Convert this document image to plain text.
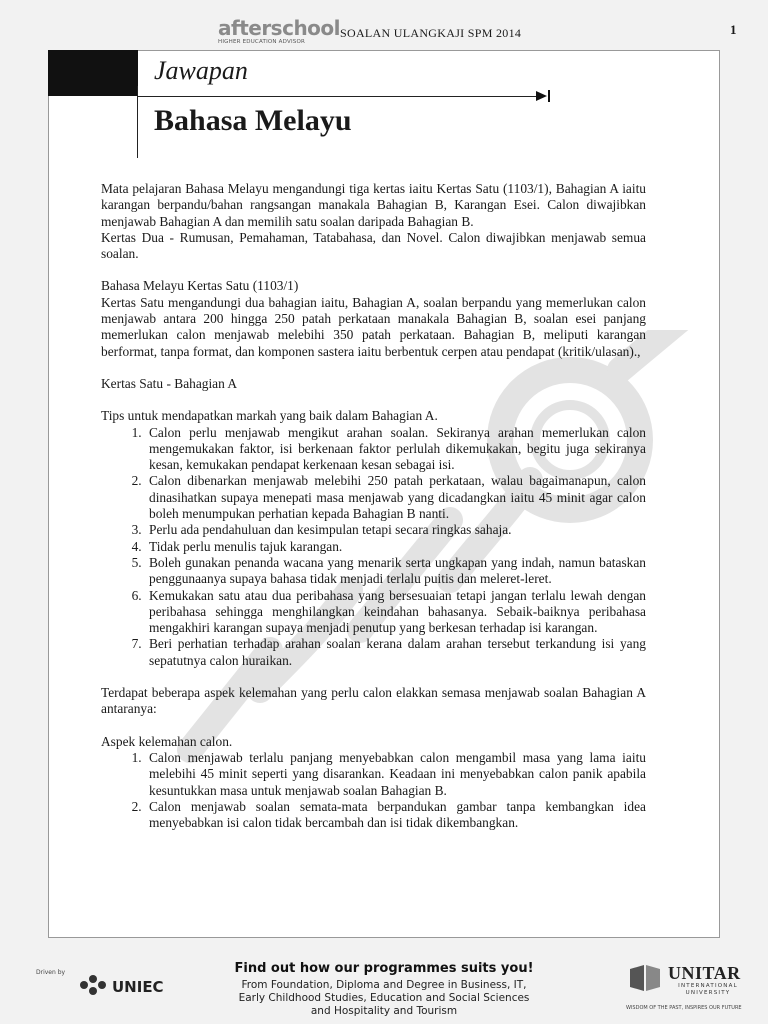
afterschool
HIGHER EDUCATION ADVISOR
SOALAN ULANGKAJI SPM 2014	1
Jawapan
Bahasa Melayu

Mata pelajaran Bahasa Melayu mengandungi tiga kertas iaitu Kertas Satu (1103/1), Bahagian A iaitu karangan berpandu/bahan rangsangan manakala Bahagian B, Karangan Esei. Calon diwajibkan menjawab Bahagian A dan memilih satu soalan daripada Bahagian B.

Kertas Dua - Rumusan, Pemahaman, Tatabahasa, dan Novel. Calon diwajibkan menjawab semua soalan.

Bahasa Melayu Kertas Satu (1103/1)

Kertas Satu mengandungi dua bahagian iaitu, Bahagian A, soalan berpandu yang memerlukan calon menjawab antara 200 hingga 250 patah perkataan manakala Bahagian B, soalan esei panjang memerlukan calon menjawab melebihi 350 patah perkataan. Bahagian B, meliputi karangan berformat, tanpa format, dan komponen sastera iaitu berbentuk cerpen atau pendapat (kritik/ulasan).,

Kertas Satu - Bahagian A

Tips untuk mendapatkan markah yang baik dalam Bahagian A.

1. Calon perlu menjawab mengikut arahan soalan. Sekiranya arahan memerlukan calon mengemukakan faktor, isi berkenaan faktor perlulah dikemukakan, begitu juga sekiranya kesan, kemukakan pendapat kerkenaan kesan sebagai isi.
2. Calon dibenarkan menjawab melebihi 250 patah perkataan, walau bagaimanapun, calon dinasihatkan supaya menepati masa menjawab yang dicadangkan iaitu 45 minit agar calon boleh menumpukan perhatian kepada Bahagian B nanti.
3. Perlu ada pendahuluan dan kesimpulan tetapi secara ringkas sahaja.
4. Tidak perlu menulis tajuk karangan.
5. Boleh gunakan penanda wacana yang menarik serta ungkapan yang indah, namun bataskan penggunaanya supaya bahasa tidak menjadi terlalu puitis dan meleret-leret.
6. Kemukakan satu atau dua peribahasa yang bersesuaian tetapi jangan terlalu lewah dengan peribahasa sehingga menghilangkan keindahan bahasanya. Sebaik-baiknya peribahasa mengakhiri karangan supaya menjadi penutup yang berkesan terhadap isi karangan.
7. Beri perhatian terhadap arahan soalan kerana dalam arahan tersebut terkandung isi yang sepatutnya calon huraikan.

Terdapat beberapa aspek kelemahan yang perlu calon elakkan semasa menjawab soalan Bahagian A antaranya:

Aspek kelemahan calon.

1. Calon menjawab terlalu panjang menyebabkan calon mengambil masa yang lama iaitu melebihi 45 minit seperti yang disarankan. Keadaan ini menyebabkan calon panik apabila kesuntukkan masa untuk menjawab soalan Bahagian B.
2. Calon menjawab soalan semata-mata berpandukan gambar tanpa kembangkan idea menyebabkan isi calon tidak bercambah dan isi tidak dikembangkan.
Driven by
UNIEC
Find out how our programmes suits you!
From Foundation, Diploma and Degree in Business, IT,
Early Childhood Studies, Education and Social Sciences
and Hospitality and Tourism
UNITAR
INTERNATIONAL UNIVERSITY
WISDOM OF THE PAST, INSPIRES OUR FUTURE
